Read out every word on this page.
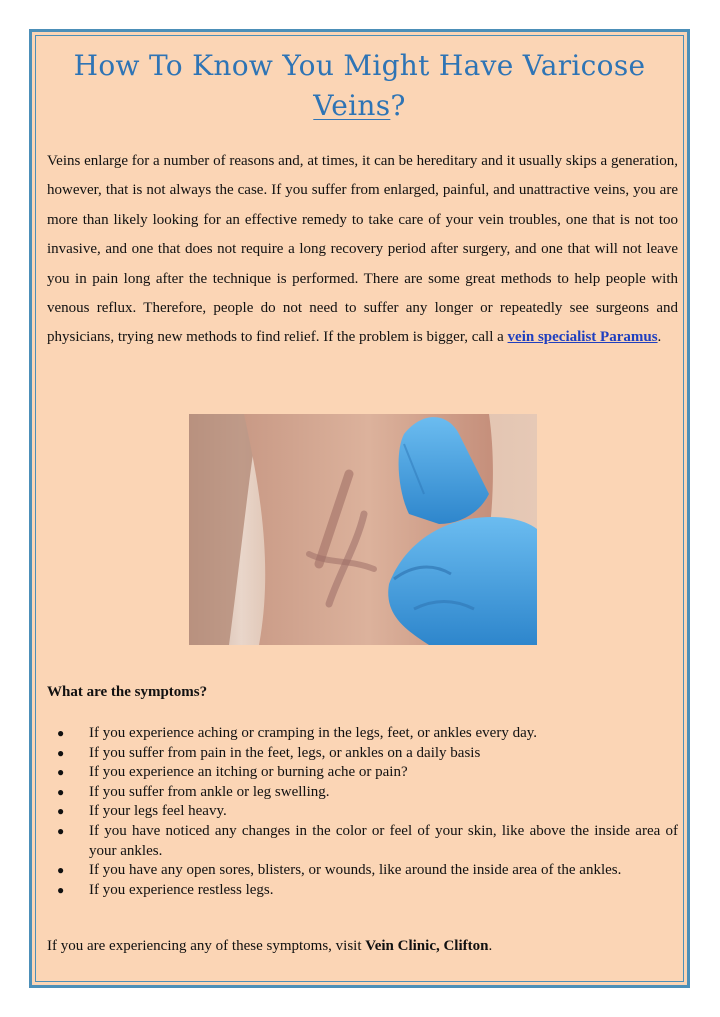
How To Know You Might Have Varicose
Veins?

Veins enlarge for a number of reasons and, at times, it can be hereditary and it usually skips a generation, however, that is not always the case. If you suffer from enlarged, painful, and unattractive veins, you are more than likely looking for an effective remedy to take care of your vein troubles, one that is not too invasive, and one that does not require a long recovery period after surgery, and one that will not leave you in pain long after the technique is performed. There are some great methods to help people with venous reflux. Therefore, people do not need to suffer any longer or repeatedly see surgeons and physicians, trying new methods to find relief. If the problem is bigger, call a vein specialist Paramus.

What are the symptoms?
● If you experience aching or cramping in the legs, feet, or ankles every day.
● If you suffer from pain in the feet, legs, or ankles on a daily basis
● If you experience an itching or burning ache or pain?
● If you suffer from ankle or leg swelling.
● If your legs feel heavy.
● If you have noticed any changes in the color or feel of your skin, like above the inside area of your ankles.
● If you have any open sores, blisters, or wounds, like around the inside area of the ankles.
● If you experience restless legs.
If you are experiencing any of these symptoms, visit Vein Clinic, Clifton.
